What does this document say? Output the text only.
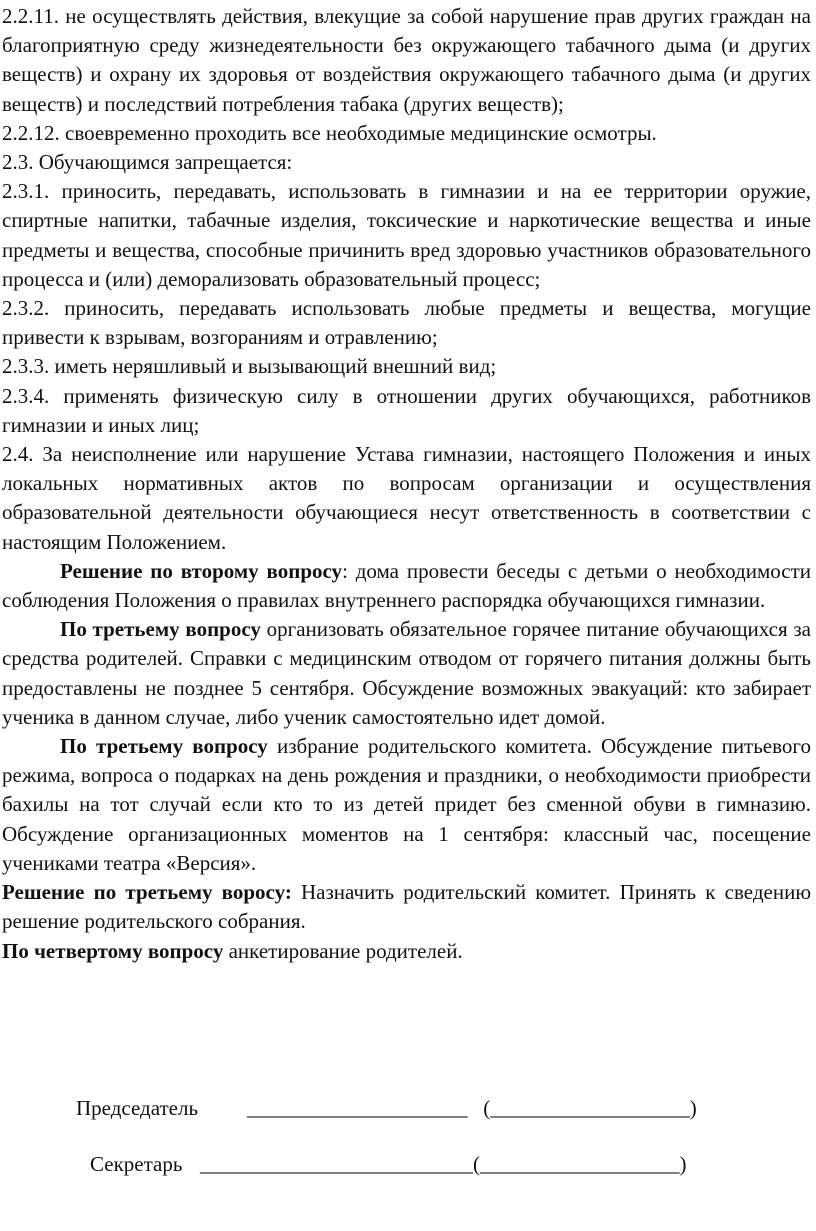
2.2.11. не осуществлять действия, влекущие за собой нарушение прав других граждан на благоприятную среду жизнедеятельности без окружающего табачного дыма (и других веществ) и охрану их здоровья от воздействия окружающего табачного дыма (и других веществ) и последствий потребления табака (других веществ);

2.2.12. своевременно проходить все необходимые медицинские осмотры.

2.3. Обучающимся запрещается:

2.3.1. приносить, передавать, использовать в гимназии и на ее территории оружие, спиртные напитки, табачные изделия, токсические и наркотические вещества и иные предметы и вещества, способные причинить вред здоровью участников образовательного процесса и (или) деморализовать образовательный процесс;

2.3.2. приносить, передавать использовать любые предметы и вещества, могущие привести к взрывам, возгораниям и отравлению;

2.3.3. иметь неряшливый и вызывающий внешний вид;

2.3.4. применять физическую силу в отношении других обучающихся, работников гимназии и иных лиц;

2.4. За неисполнение или нарушение Устава гимназии, настоящего Положения и иных локальных нормативных актов по вопросам организации и осуществления образовательной деятельности обучающиеся несут ответственность в соответствии с настоящим Положением.

Решение по второму вопросу: дома провести беседы с детьми о необходимости соблюдения Положения о правилах внутреннего распорядка обучающихся гимназии.

По третьему вопросу организовать обязательное горячее питание обучающихся за средства родителей. Справки с медицинским отводом от горячего питания должны быть предоставлены не позднее 5 сентября. Обсуждение возможных эвакуаций: кто забирает ученика в данном случае, либо ученик самостоятельно идет домой.

По третьему вопросу избрание родительского комитета. Обсуждение питьевого режима, вопроса о подарках на день рождения и праздники, о необходимости приобрести бахилы на тот случай если кто то из детей придет без сменной обуви в гимназию. Обсуждение организационных моментов на 1 сентября: классный час, посещение учениками театра «Версия».

Решение по третьему воросу: Назначить родительский комитет. Принять к сведению решение родительского собрания.

По четвертому вопросу анкетирование родителей.

Председатель _____________________   (___________________)
Секретарь __________________________(___________________)
